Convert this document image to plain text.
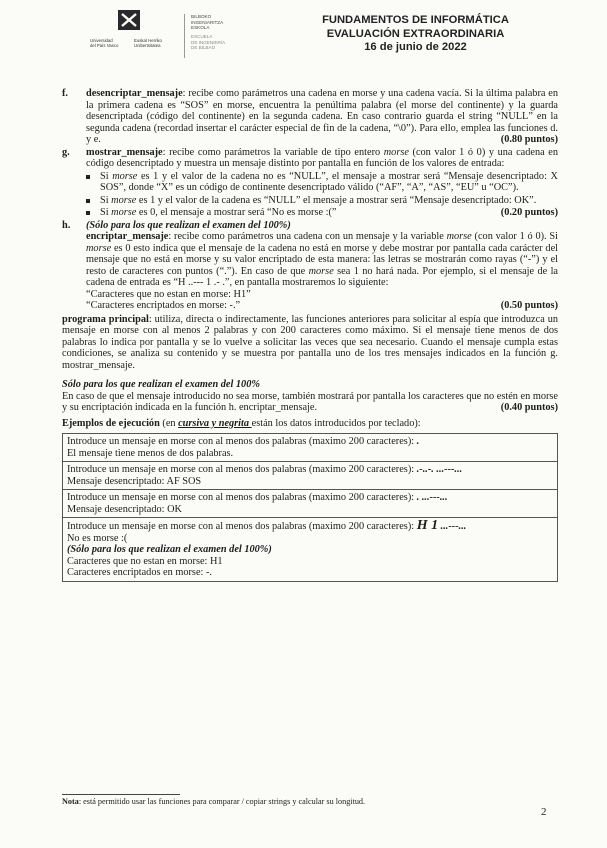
Universidad
del País Vasco
Euskal Herriko
Unibertsitatea
BILBOKO
INGENIARITZA
ESKOLA
ESCUELA
DE INGENIERÍA
DE BILBAO
FUNDAMENTOS DE INFORMÁTICA
EVALUACIÓN EXTRAORDINARIA
16 de junio de 2022
f. desencriptar_mensaje: recibe como parámetros una cadena en morse y una cadena vacía. Si la última palabra en la primera cadena es “SOS” en morse, encuentra la penúltima palabra (el morse del continente) y la guarda desencriptada (código del continente) en la segunda cadena. En caso contrario guarda el string “NULL” en la segunda cadena (recordad insertar el carácter especial de fin de la cadena, “\0”). Para ello, emplea las funciones d. y e.	(0.80 puntos)
g. mostrar_mensaje: recibe como parámetros la variable de tipo entero morse (con valor 1 ó 0) y una cadena en código desencriptado y muestra un mensaje distinto por pantalla en función de los valores de entrada:
Si morse es 1 y el valor de la cadena no es “NULL”, el mensaje a mostrar será “Mensaje desencriptado: X SOS”, donde “X” es un código de continente desencriptado válido (“AF”, “A”, “AS”, “EU” u “OC”).
Si morse es 1 y el valor de la cadena es “NULL” el mensaje a mostrar será “Mensaje desencriptado: OK”.
Si morse es 0, el mensaje a mostrar será “No es morse :(”	(0.20 puntos)
h. (Sólo para los que realizan el examen del 100%)
encriptar_mensaje: recibe como parámetros una cadena con un mensaje y la variable morse (con valor 1 ó 0). Si morse es 0 esto indica que el mensaje de la cadena no está en morse y debe mostrar por pantalla cada carácter del mensaje que no está en morse y su valor encriptado de esta manera: las letras se mostrarán como rayas (“-”) y el resto de caracteres con puntos (“.”). En caso de que morse sea 1 no hará nada. Por ejemplo, si el mensaje de la cadena de entrada es “H ..--- 1 .- .”, en pantalla mostraremos lo siguiente:
“Caracteres que no estan en morse: H1”
“Caracteres encriptados en morse: -.”	(0.50 puntos)

programa principal: utiliza, directa o indirectamente, las funciones anteriores para solicitar al espía que introduzca un mensaje en morse con al menos 2 palabras y con 200 caracteres como máximo. Si el mensaje tiene menos de dos palabras lo indica por pantalla y se lo vuelve a solicitar las veces que sea necesario. Cuando el mensaje cumpla estas condiciones, se analiza su contenido y se muestra por pantalla uno de los tres mensajes indicados en la función g. mostrar_mensaje.

Sólo para los que realizan el examen del 100%
En caso de que el mensaje introducido no sea morse, también mostrará por pantalla los caracteres que no estén en morse y su encriptación indicada en la función h. encriptar_mensaje.	(0.40 puntos)

Ejemplos de ejecución (en cursiva y negrita están los datos introducidos por teclado):

Introduce un mensaje en morse con al menos dos palabras (maximo 200 caracteres): .
El mensaje tiene menos de dos palabras.
Introduce un mensaje en morse con al menos dos palabras (maximo 200 caracteres): .-..-. ...---...
Mensaje desencriptado: AF SOS
Introduce un mensaje en morse con al menos dos palabras (maximo 200 caracteres): . ...---...
Mensaje desencriptado: OK
Introduce un mensaje en morse con al menos dos palabras (maximo 200 caracteres): H 1 ...---...
No es morse :(
(Sólo para los que realizan el examen del 100%)
Caracteres que no estan en morse: H1
Caracteres encriptados en morse: -.
Nota: está permitido usar las funciones para comparar / copiar strings y calcular su longitud.
2
